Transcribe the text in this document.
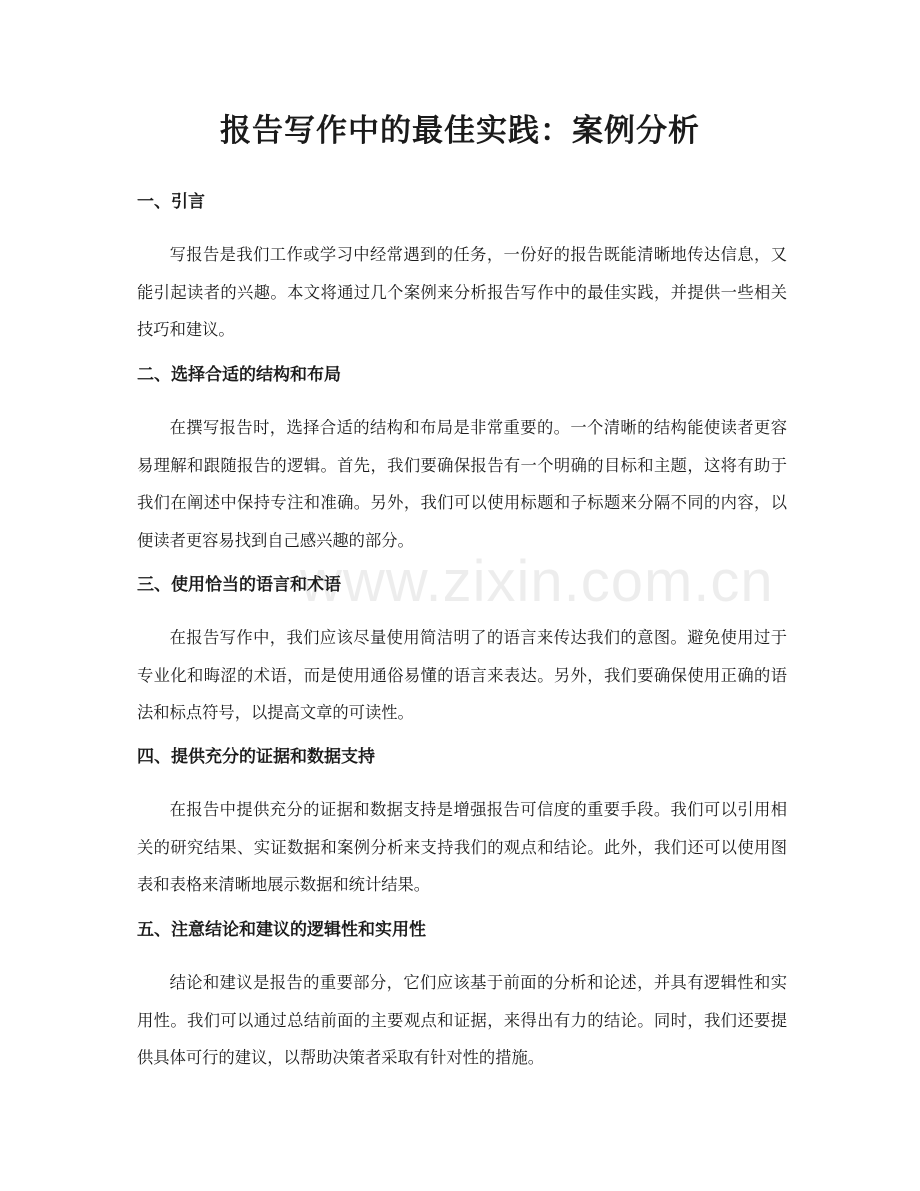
报告写作中的最佳实践：案例分析
www.zixin.com.cn
一、引言

写报告是我们工作或学习中经常遇到的任务，一份好的报告既能清晰地传达信息，又能引起读者的兴趣。本文将通过几个案例来分析报告写作中的最佳实践，并提供一些相关技巧和建议。

二、选择合适的结构和布局

在撰写报告时，选择合适的结构和布局是非常重要的。一个清晰的结构能使读者更容易理解和跟随报告的逻辑。首先，我们要确保报告有一个明确的目标和主题，这将有助于我们在阐述中保持专注和准确。另外，我们可以使用标题和子标题来分隔不同的内容，以便读者更容易找到自己感兴趣的部分。

三、使用恰当的语言和术语

在报告写作中，我们应该尽量使用简洁明了的语言来传达我们的意图。避免使用过于专业化和晦涩的术语，而是使用通俗易懂的语言来表达。另外，我们要确保使用正确的语法和标点符号，以提高文章的可读性。

四、提供充分的证据和数据支持

在报告中提供充分的证据和数据支持是增强报告可信度的重要手段。我们可以引用相关的研究结果、实证数据和案例分析来支持我们的观点和结论。此外，我们还可以使用图表和表格来清晰地展示数据和统计结果。

五、注意结论和建议的逻辑性和实用性

结论和建议是报告的重要部分，它们应该基于前面的分析和论述，并具有逻辑性和实用性。我们可以通过总结前面的主要观点和证据，来得出有力的结论。同时，我们还要提供具体可行的建议，以帮助决策者采取有针对性的措施。
